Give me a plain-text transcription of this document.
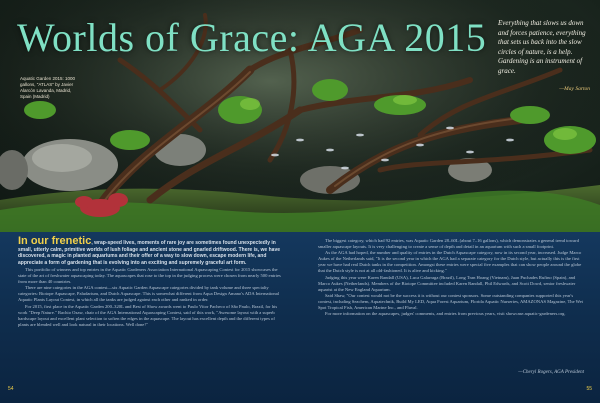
Worlds of Grace: AGA 2015

Aquatic Garden 2015: 1000 gallons, "ATLAS" by Javier Alarcón Lavanda, Madrid, Spain (Madrid)

Everything that slows us down and forces patience, everything that sets us back into the slow circles of nature, is a help. Gardening is an instrument of grace.

—May Sarton

In our frenetic, wrap-speed lives, moments of rare joy are sometimes found unexpectedly in small, utterly calm, primitive worlds of lush foliage and ancient stone and gnarled driftwood. There is, we have discovered, a magic in planted aquariums and their offer of a way to slow down, escape modern life, and appreciate a form of gardening that is evolving into an exciting and supremely graceful art form.

This portfolio of winners and top entries in the Aquatic Gardeners Association International Aquascaping Contest for 2015 showcases the state of the art of freshwater aquascaping today. The aquascapes that rose to the top in the judging process were chosen from nearly 500 entries from more than 40 countries.

There are nine categories in the AGA contest—six Aquatic Garden Aquascape categories divided by tank volume and three specialty categories: Biotope Aquascape, Paludarium, and Dutch Aquascape. This is somewhat different from Aqua Design Amano's ADA International Aquatic Plants Layout Contest, in which all the tanks are judged against each other and ranked in order.

For 2015, first place in the Aquatic Garden 200–320L and Best of Show awards went to Paulo Vitor Pacheco of São Paulo, Brazil, for his work "Deep Nature." Rachio Ozaw, chair of the AGA International Aquascaping Contest, said of this work, "Awesome layout with a superb hardscape layout and excellent plant selection to soften the edges in the aquascape. The layout has excellent depth and the different types of plants are blended well and look natural in their locations. Well done!"

The biggest category, which had 92 entries, was Aquatic Garden 28–60L (about 7–16 gallons), which demonstrates a general trend toward smaller aquascape layouts. It is very challenging to create a sense of depth and detail in an aquarium with such a small footprint.

As the AGA had hoped, the number and quality of entries in the Dutch Aquascape category, now in its second year, increased. Judge Marco Aukes of the Netherlands said, "It is the second year in which the AGA had a separate category for the Dutch style, but actually this is the first year we have had real Dutch tanks in the competition. Amongst these entries were special five examples that can show people around the globe that the Dutch style is not at all old-fashioned. It is alive and kicking."

Judging this year were Karen Randall (USA), Luca Galarraga (Brazil), Long Tran Hoang (Vietnam), Juan Puchades Rufino (Spain), and Marco Aukes (Netherlands). Members of the Biotope Committee included Karen Randall, Phil Edwards, and Scott Dowd, senior freshwater aquarist at the New England Aquarium.

Said Shaw, "Our contest would not be the success it is without our contest sponsors. Some outstanding companies supported this year's contest, including Seachem, Aquatechnik, Build My LED, Aqua Forest Aquarium, Florida Aquatic Nurseries, AMAZONAS Magazine, The Wet Spot Tropical Fish, American Marine Inc., and Fluval.

For more information on the aquascapes, judges' comments, and entries from previous years, visit showcase.aquatic-gardeners.org.

—Cheryl Rogers, AGA President

54	55
